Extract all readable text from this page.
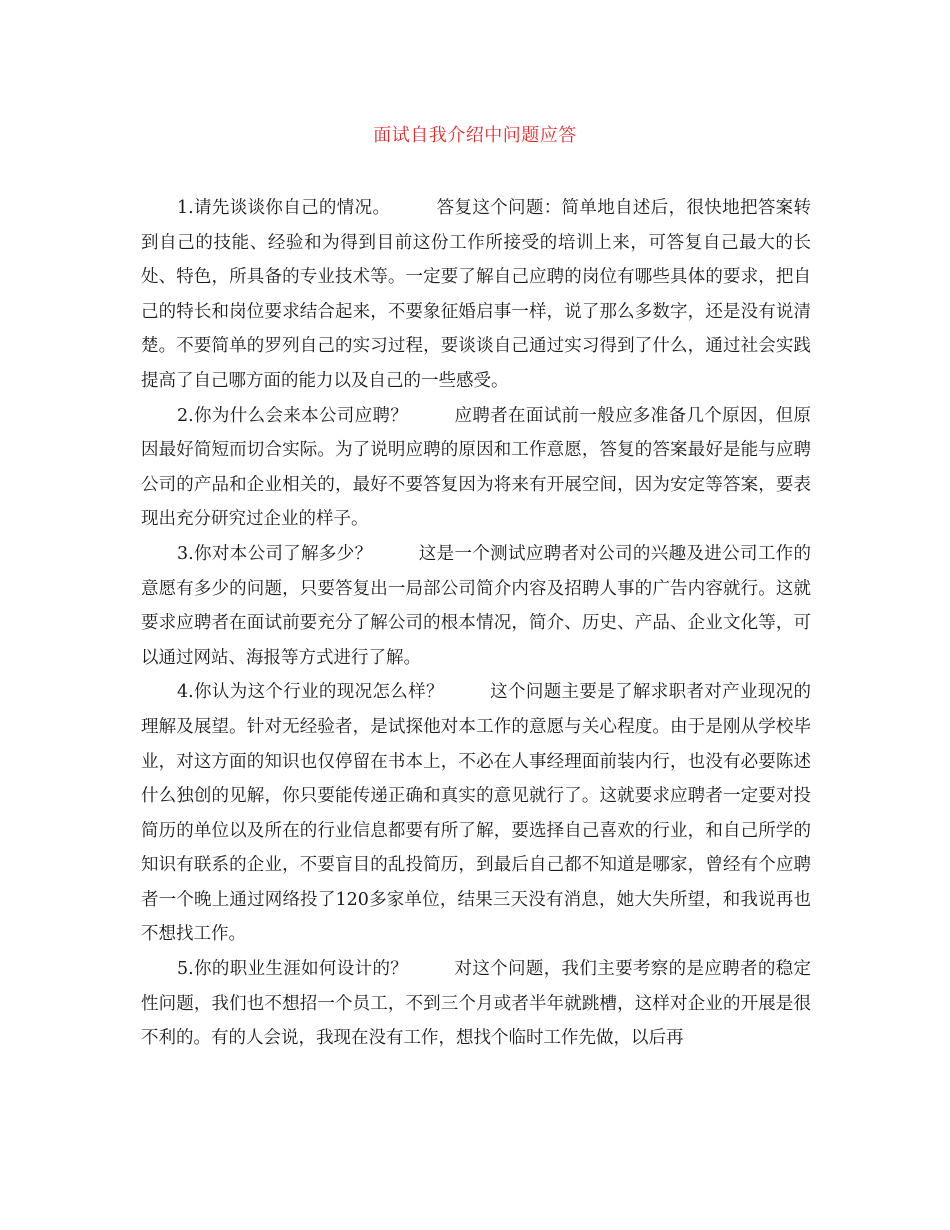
面试自我介绍中问题应答

1.请先谈谈你自己的情况。	答复这个问题：简单地自述后，很快地把答案转到自己的技能、经验和为得到目前这份工作所接受的培训上来，可答复自己最大的长处、特色，所具备的专业技术等。一定要了解自己应聘的岗位有哪些具体的要求，把自己的特长和岗位要求结合起来，不要象征婚启事一样，说了那么多数字，还是没有说清楚。不要简单的罗列自己的实习过程，要谈谈自己通过实习得到了什么，通过社会实践提高了自己哪方面的能力以及自己的一些感受。

2.你为什么会来本公司应聘？	应聘者在面试前一般应多准备几个原因，但原因最好简短而切合实际。为了说明应聘的原因和工作意愿，答复的答案最好是能与应聘公司的产品和企业相关的，最好不要答复因为将来有开展空间，因为安定等答案，要表现出充分研究过企业的样子。

3.你对本公司了解多少？	这是一个测试应聘者对公司的兴趣及进公司工作的意愿有多少的问题，只要答复出一局部公司简介内容及招聘人事的广告内容就行。这就要求应聘者在面试前要充分了解公司的根本情况，简介、历史、产品、企业文化等，可以通过网站、海报等方式进行了解。

4.你认为这个行业的现况怎么样？	这个问题主要是了解求职者对产业现况的理解及展望。针对无经验者，是试探他对本工作的意愿与关心程度。由于是刚从学校毕业，对这方面的知识也仅停留在书本上，不必在人事经理面前装内行，也没有必要陈述什么独创的见解，你只要能传递正确和真实的意见就行了。这就要求应聘者一定要对投简历的单位以及所在的行业信息都要有所了解，要选择自己喜欢的行业，和自己所学的知识有联系的企业，不要盲目的乱投简历，到最后自己都不知道是哪家，曾经有个应聘者一个晚上通过网络投了120多家单位，结果三天没有消息，她大失所望，和我说再也不想找工作。

5.你的职业生涯如何设计的？	对这个问题，我们主要考察的是应聘者的稳定性问题，我们也不想招一个员工，不到三个月或者半年就跳槽，这样对企业的开展是很不利的。有的人会说，我现在没有工作，想找个临时工作先做，以后再
